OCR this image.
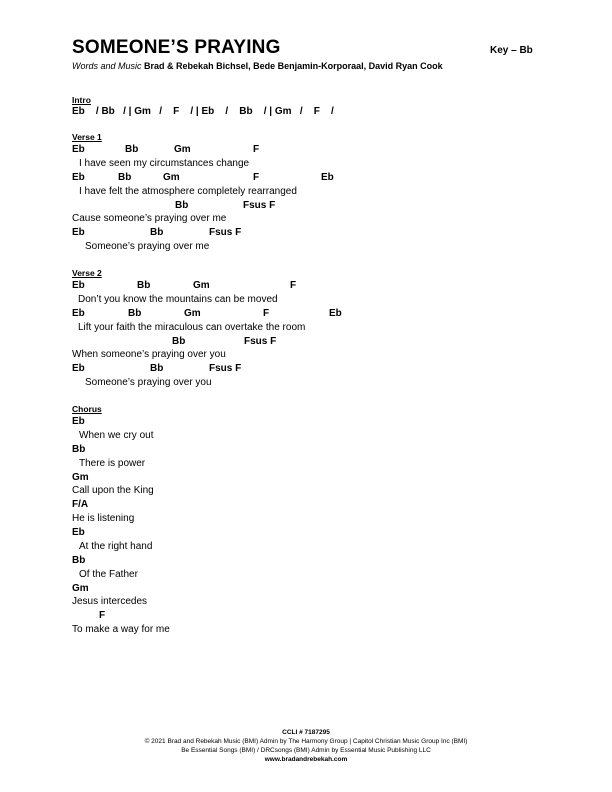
SOMEONE’S PRAYING	Key – Bb
Words and Music Brad & Rebekah Bichsel, Bede Benjamin-Korporaal, David Ryan Cook
Intro
Eb    / Bb   / | Gm   /    F    / | Eb    /    Bb    / | Gm   /    F    /
Verse 1
Eb	Bb	Gm	F
I have seen my circumstances change
Eb	Bb	Gm	F	Eb
I have felt the atmosphere completely rearranged
Bb	Fsus F
Cause someone’s praying over me
Eb	Bb	Fsus F
Someone’s praying over me
Verse 2
Eb	Bb	Gm	F
Don’t you know the mountains can be moved
Eb	Bb	Gm	F	Eb
Lift your faith the miraculous can overtake the room
Bb	Fsus F
When someone’s praying over you
Eb	Bb	Fsus F
Someone’s praying over you
Chorus
Eb
When we cry out
Bb
There is power
Gm
Call upon the King
F/A
He is listening
Eb
At the right hand
Bb
Of the Father
Gm
Jesus intercedes
F
To make a way for me
CCLI # 7187295
© 2021 Brad and Rebekah Music (BMI) Admin by The Harmony Group | Capitol Christian Music Group Inc (BMI)
Be Essential Songs (BMI) / DRCsongs (BMI) Admin by Essential Music Publishing LLC
www.bradandrebekah.com
